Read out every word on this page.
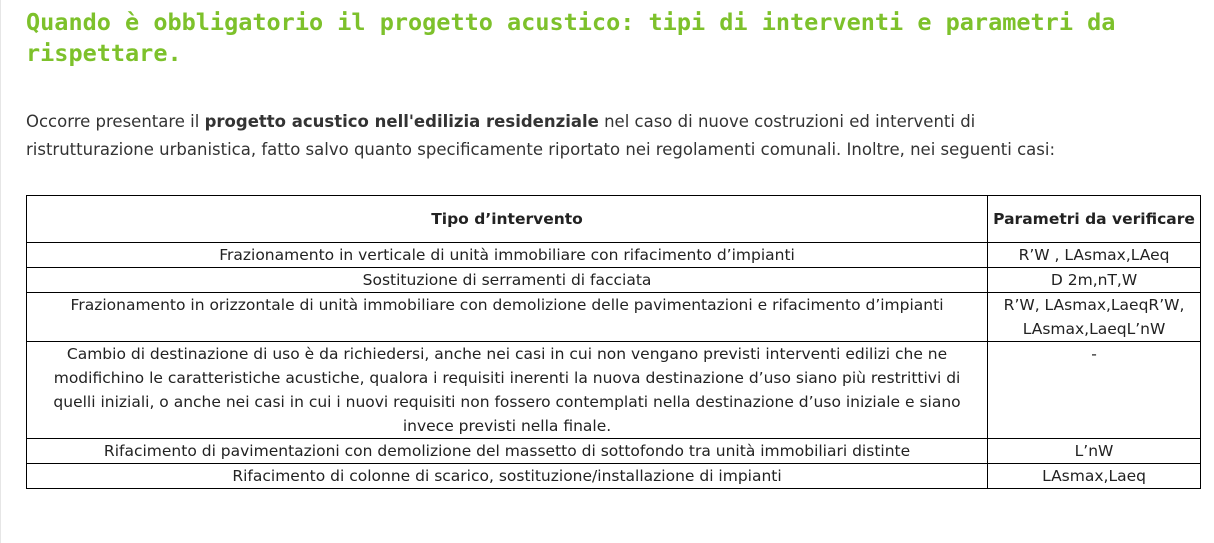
Quando è obbligatorio il progetto acustico: tipi di interventi e parametri da rispettare.

Occorre presentare il progetto acustico nell'edilizia residenziale nel caso di nuove costruzioni ed interventi di
ristrutturazione urbanistica, fatto salvo quanto specificamente riportato nei regolamenti comunali. Inoltre, nei seguenti casi:

Tipo d’intervento	Parametri da verificare
Frazionamento in verticale di unità immobiliare con rifacimento d’impianti	R’W , LAsmax,LAeq
Sostituzione di serramenti di facciata	D 2m,nT,W
Frazionamento in orizzontale di unità immobiliare con demolizione delle pavimentazioni e rifacimento d’impianti	R’W, LAsmax,LaeqR’W, LAsmax,LaeqL’nW
Cambio di destinazione di uso è da richiedersi, anche nei casi in cui non vengano previsti interventi edilizi che ne modifichino le caratteristiche acustiche, qualora i requisiti inerenti la nuova destinazione d’uso siano più restrittivi di quelli iniziali, o anche nei casi in cui i nuovi requisiti non fossero contemplati nella destinazione d’uso iniziale e siano invece previsti nella finale.	-
Rifacimento di pavimentazioni con demolizione del massetto di sottofondo tra unità immobiliari distinte	L’nW
Rifacimento di colonne di scarico, sostituzione/installazione di impianti	LAsmax,Laeq
